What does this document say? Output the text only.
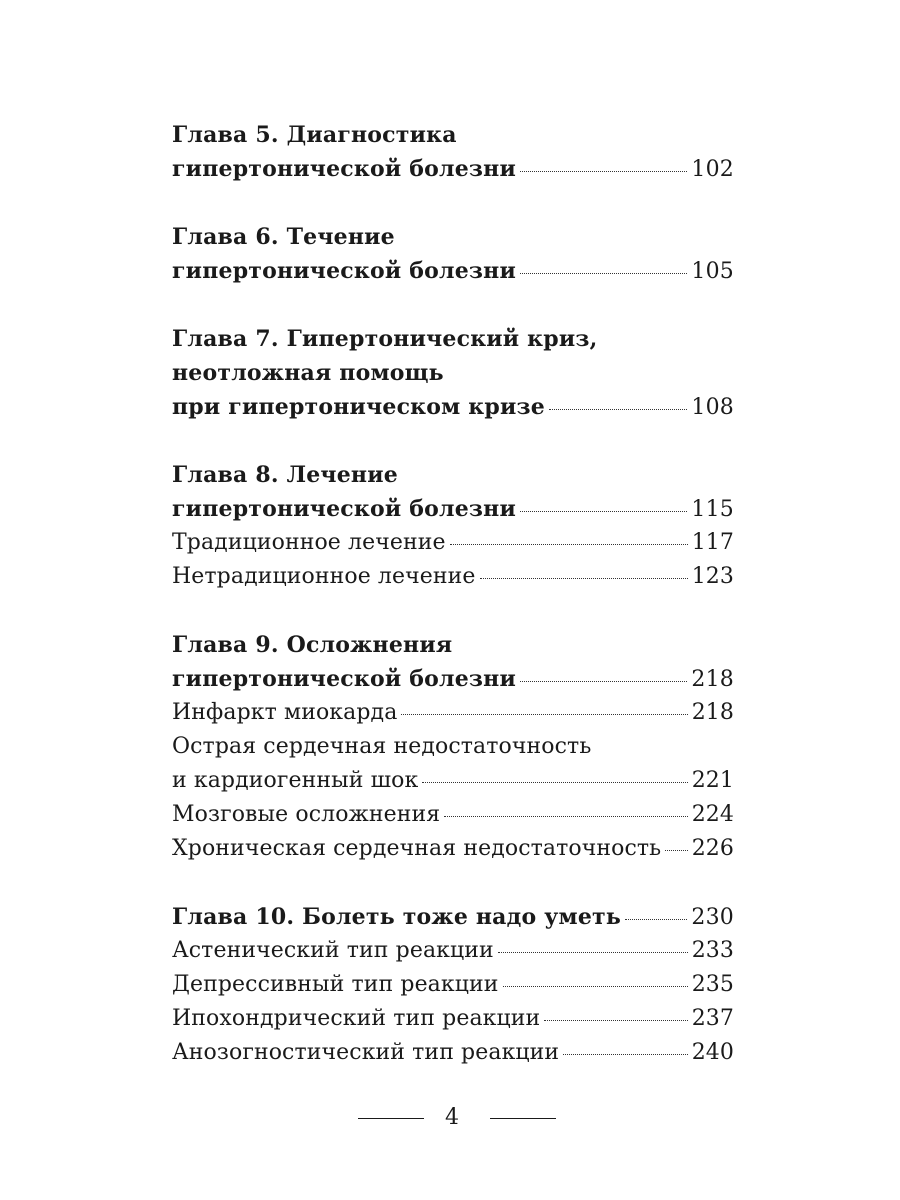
Глава 5. Диагностика
гипертонической болезни	102
Глава 6. Течение
гипертонической болезни	105
Глава 7. Гипертонический криз,
неотложная помощь
при гипертоническом кризе	108
Глава 8. Лечение
гипертонической болезни	115
Традиционное лечение	117
Нетрадиционное лечение	123
Глава 9. Осложнения
гипертонической болезни	218
Инфаркт миокарда	218
Острая сердечная недостаточность
и кардиогенный шок	221
Мозговые осложнения	224
Хроническая сердечная недостаточность 226
Глава 10. Болеть тоже надо уметь	230
Астенический тип реакции	233
Депрессивный тип реакции	235
Ипохондрический тип реакции	237
Анозогностический тип реакции	240
4
